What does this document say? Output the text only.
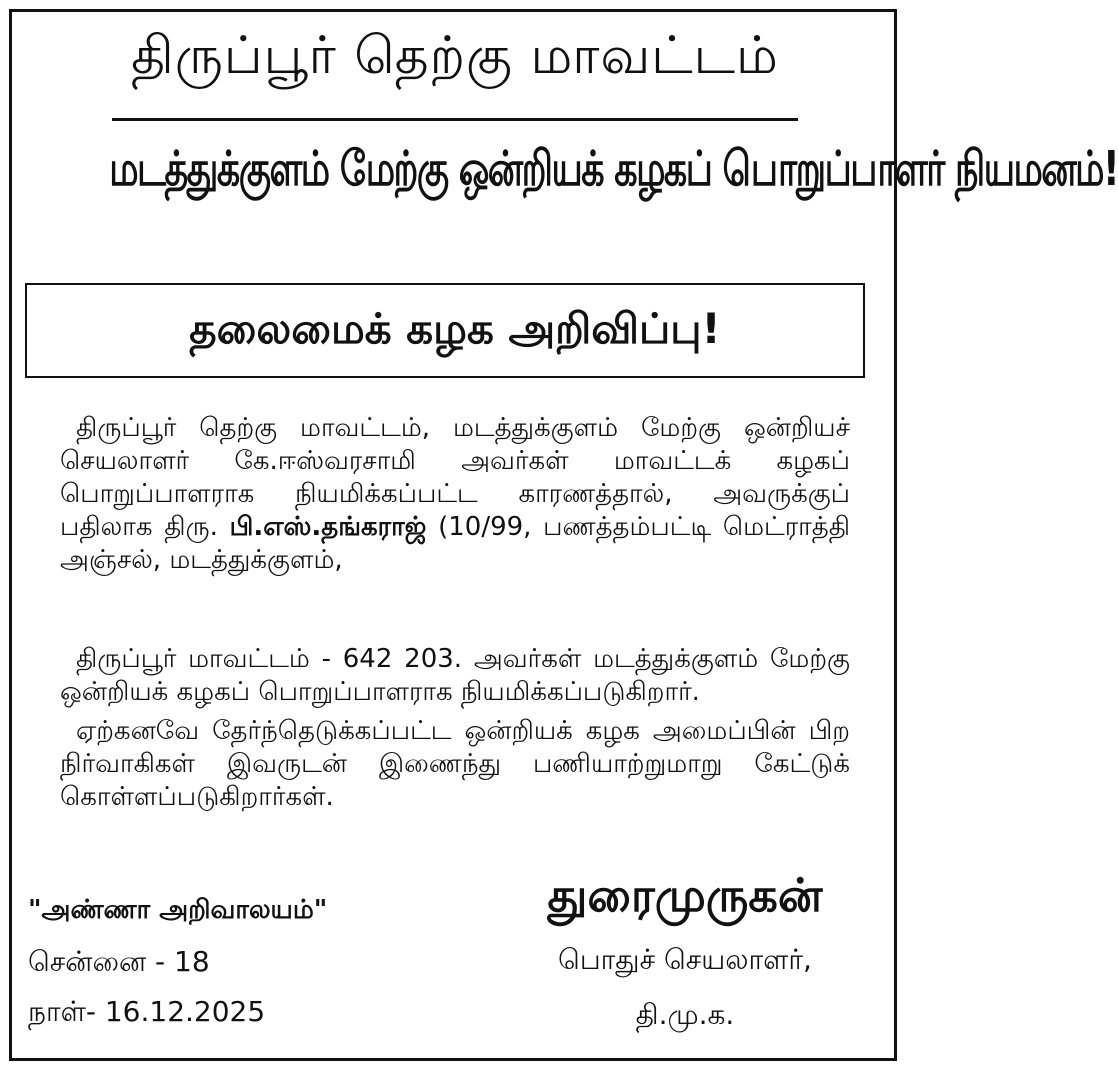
திருப்பூர் தெற்கு மாவட்டம்
மடத்துக்குளம் மேற்கு ஒன்றியக் கழகப் பொறுப்பாளர் நியமனம்!
தலைமைக் கழக அறிவிப்பு!
திருப்பூர் தெற்கு மாவட்டம், மடத்துக்குளம் மேற்கு ஒன்றியச் செயலாளர் கே.ஈஸ்வரசாமி அவர்கள் மாவட்டக் கழகப் பொறுப்பாளராக நியமிக்கப்பட்ட காரணத்தால், அவருக்குப் பதிலாக திரு. பி.எஸ்.தங்கராஜ் (10/99, பணத்தம்பட்டி மெட்ராத்தி அஞ்சல், மடத்துக்குளம்,
திருப்பூர் மாவட்டம் - 642 203. அவர்கள் மடத்துக்குளம் மேற்கு ஒன்றியக் கழகப் பொறுப்பாளராக நியமிக்கப்படுகிறார்.
ஏற்கனவே தேர்ந்தெடுக்கப்பட்ட ஒன்றியக் கழக அமைப்பின் பிற நிர்வாகிகள் இவருடன் இணைந்து பணியாற்றுமாறு கேட்டுக் கொள்ளப்படுகிறார்கள்.
"அண்ணா அறிவாலயம்"
சென்னை - 18
நாள்- 16.12.2025
துரைமுருகன்
பொதுச் செயலாளர்,
தி.மு.க.
